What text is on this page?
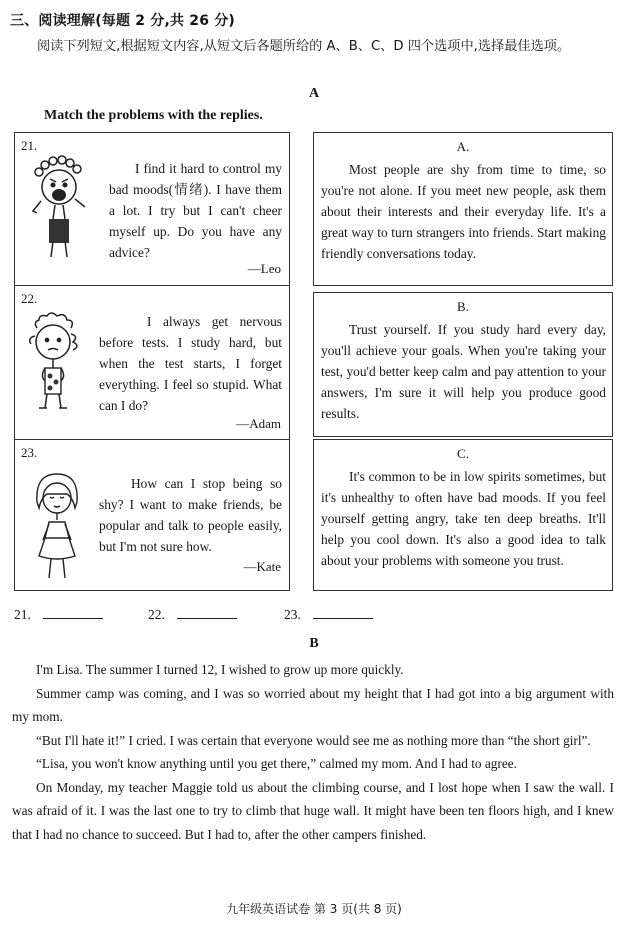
三、阅读理解(每题 2 分,共 26 分)
阅读下列短文,根据短文内容,从短文后各题所给的 A、B、C、D 四个选项中,选择最佳选项。
A
Match the problems with the replies.
21.
I find it hard to control my bad moods(情绪). I have them a lot. I try but I can't cheer myself up. Do you have any advice?
—Leo
22.
I always get nervous before tests. I study hard, but when the test starts, I forget everything. I feel so stupid. What can I do?
—Adam
23.
How can I stop being so shy? I want to make friends, be popular and talk to people easily, but I'm not sure how.
—Kate
A.
Most people are shy from time to time, so you're not alone. If you meet new people, ask them about their interests and their everyday life. It's a great way to turn strangers into friends. Start making friendly conversations today.
B.
Trust yourself. If you study hard every day, you'll achieve your goals. When you're taking your test, you'd better keep calm and pay attention to your answers, I'm sure it will help you produce good results.
C.
It's common to be in low spirits sometimes, but it's unhealthy to often have bad moods. If you feel yourself getting angry, take ten deep breaths. It'll help you cool down. It's also a good idea to talk about your problems with someone you trust.
21.	22.	23.
B

I'm Lisa. The summer I turned 12, I wished to grow up more quickly.

Summer camp was coming, and I was so worried about my height that I had got into a big argument with my mom.

“But I'll hate it!” I cried. I was certain that everyone would see me as nothing more than “the short girl”.

“Lisa, you won't know anything until you get there,” calmed my mom. And I had to agree.

On Monday, my teacher Maggie told us about the climbing course, and I lost hope when I saw the wall. I was afraid of it. I was the last one to try to climb that huge wall. It might have been ten floors high, and I knew that I had no chance to succeed. But I had to, after the other campers finished.

九年级英语试卷 第 3 页(共 8 页)
